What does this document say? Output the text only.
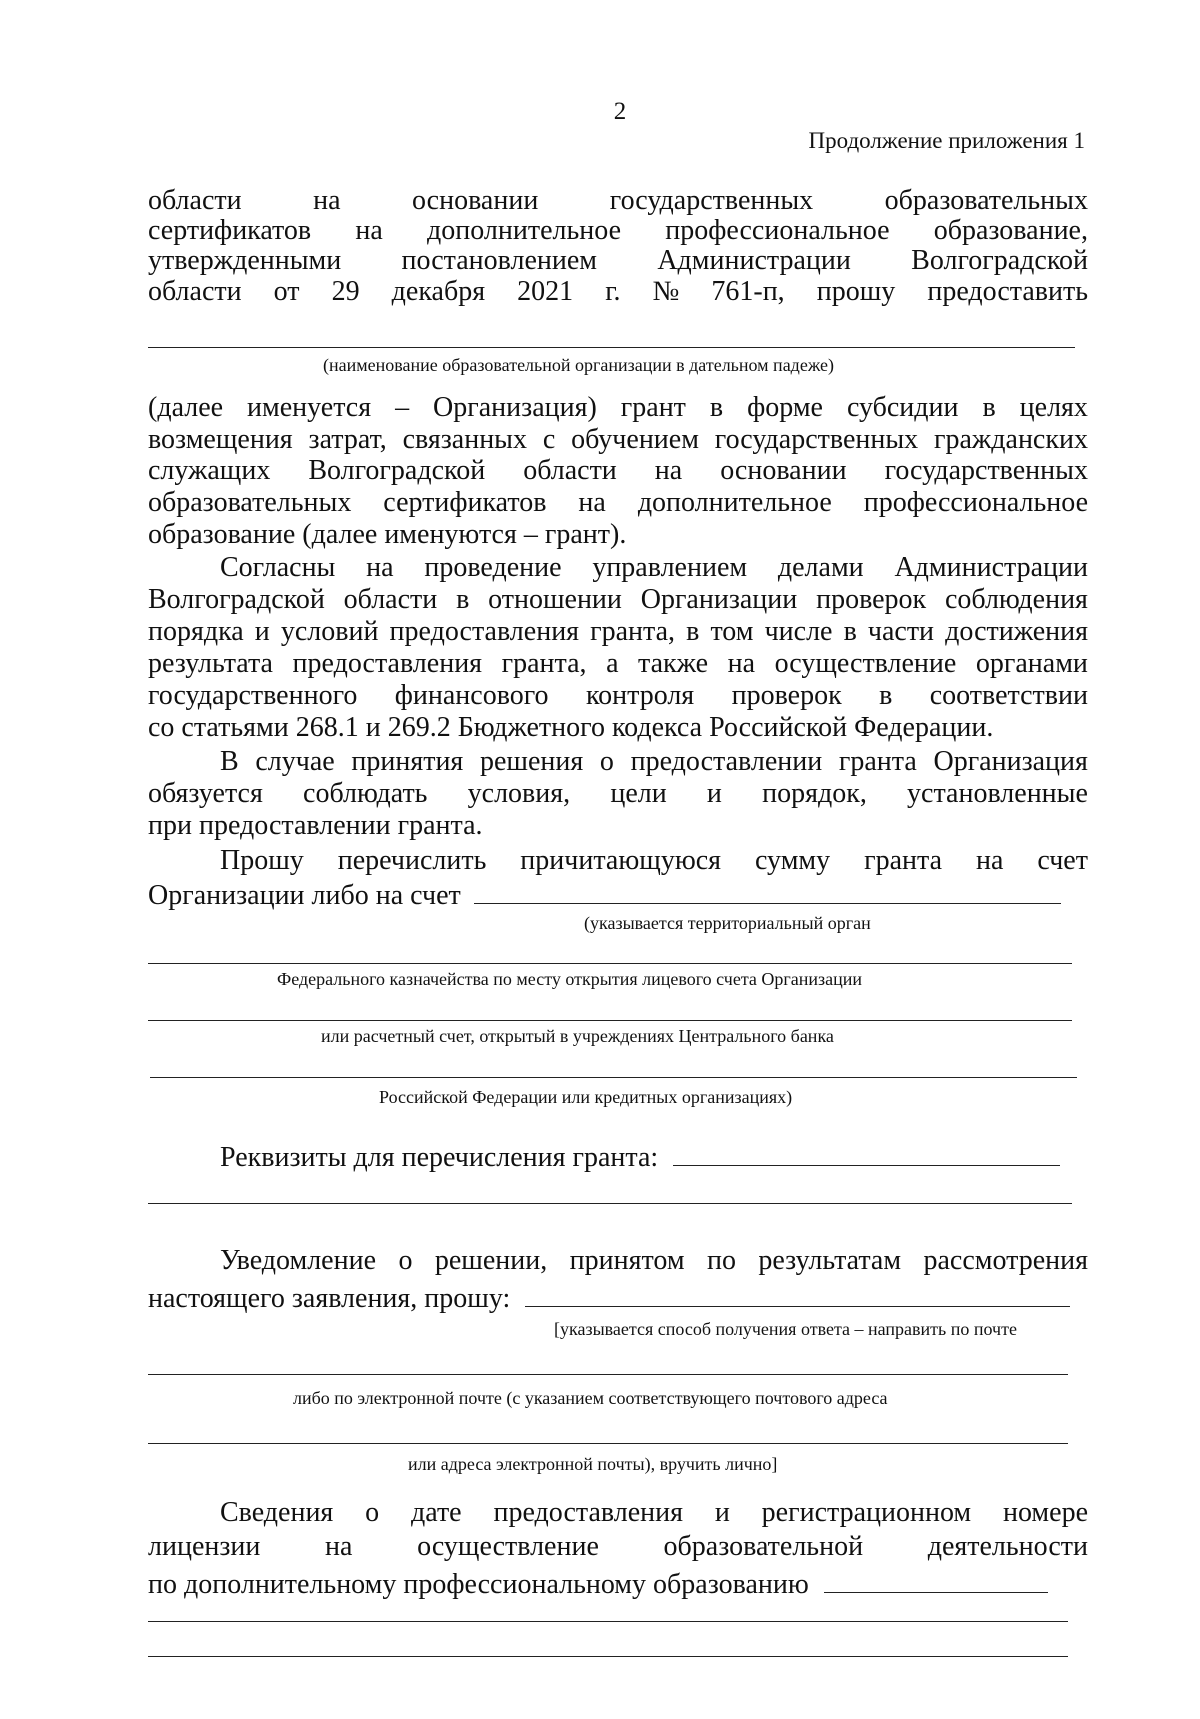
2
Продолжение приложения 1
области	на	основании	государственных	образовательных
сертификатов на дополнительное профессиональное образование,
утвержденными постановлением Администрации Волгоградской
области от 29 декабря 2021 г. № 761-п, прошу предоставить
(наименование образовательной организации в дательном падеже)
(далее именуется – Организация) грант в форме субсидии в целях
возмещения затрат, связанных с обучением государственных гражданских
служащих Волгоградской области на основании государственных
образовательных сертификатов на дополнительное профессиональное
образование (далее именуются – грант).
Согласны на проведение управлением делами Администрации
Волгоградской области в отношении Организации проверок соблюдения
порядка и условий предоставления гранта, в том числе в части достижения
результата предоставления гранта, а также на осуществление органами
государственного финансового контроля проверок в соответствии
со статьями 268.1 и 269.2 Бюджетного кодекса Российской Федерации.
В случае принятия решения о предоставлении гранта Организация
обязуется соблюдать условия, цели и порядок, установленные
при предоставлении гранта.
Прошу перечислить причитающуюся сумму гранта на счет
Организации либо на счет
(указывается территориальный орган
Федерального казначейства по месту открытия лицевого счета Организации
или расчетный счет, открытый в учреждениях Центрального банка
Российской Федерации или кредитных организациях)
Реквизиты для перечисления гранта:
Уведомление о решении, принятом по результатам рассмотрения
настоящего заявления, прошу:
[указывается способ получения ответа – направить по почте
либо по электронной почте (с указанием соответствующего почтового адреса
или адреса электронной почты), вручить лично]
Сведения о дате предоставления и регистрационном номере
лицензии на осуществление образовательной деятельности
по дополнительному профессиональному образованию
